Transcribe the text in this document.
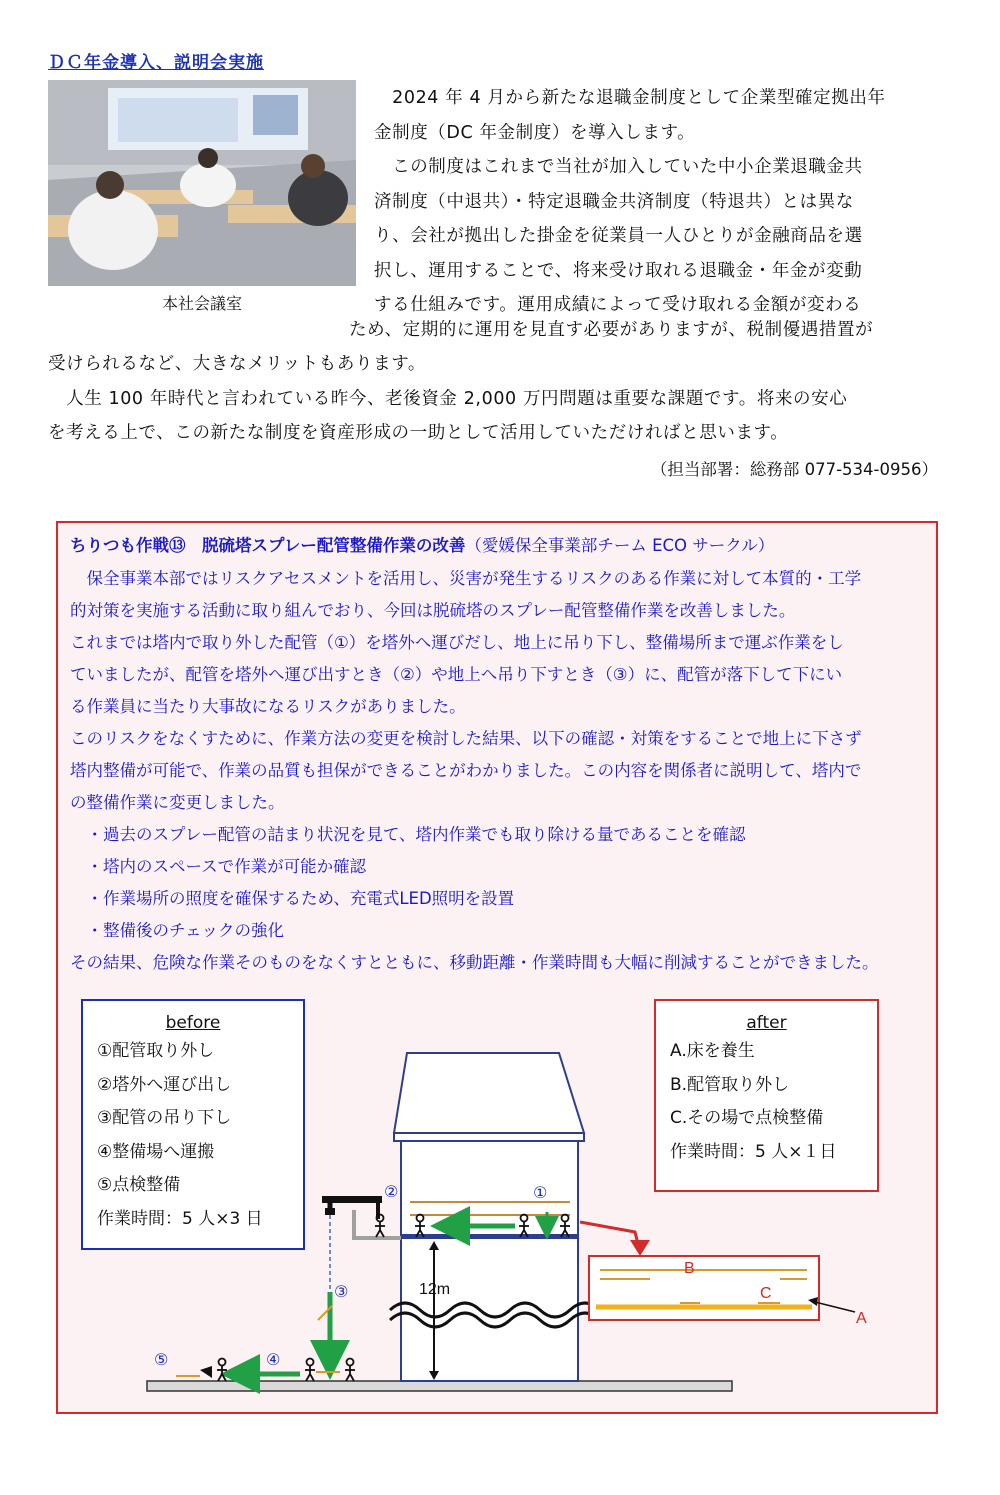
ＤＣ年金導入、説明会実施
本社会議室
　2024 年 4 月から新たな退職金制度として企業型確定拠出年
金制度（DC 年金制度）を導入します。
　この制度はこれまで当社が加入していた中小企業退職金共
済制度（中退共）・特定退職金共済制度（特退共）とは異な
り、会社が拠出した掛金を従業員一人ひとりが金融商品を選
択し、運用することで、将来受け取れる退職金・年金が変動
する仕組みです。運用成績によって受け取れる金額が変わる
ため、定期的に運用を見直す必要がありますが、税制優遇措置が
受けられるなど、大きなメリットもあります。
　人生 100 年時代と言われている昨今、老後資金 2,000 万円問題は重要な課題です。将来の安心
を考える上で、この新たな制度を資産形成の一助として活用していただければと思います。
（担当部署：総務部 077-534-0956）
ちりつも作戦⑬　脱硫塔スプレー配管整備作業の改善（愛媛保全事業部チーム ECO サークル）
　保全事業本部ではリスクアセスメントを活用し、災害が発生するリスクのある作業に対して本質的・工学
的対策を実施する活動に取り組んでおり、今回は脱硫塔のスプレー配管整備作業を改善しました。
これまでは塔内で取り外した配管（①）を塔外へ運びだし、地上に吊り下し、整備場所まで運ぶ作業をし
ていましたが、配管を塔外へ運び出すとき（②）や地上へ吊り下すとき（③）に、配管が落下して下にい
る作業員に当たり大事故になるリスクがありました。
このリスクをなくすために、作業方法の変更を検討した結果、以下の確認・対策をすることで地上に下さず
塔内整備が可能で、作業の品質も担保ができることがわかりました。この内容を関係者に説明して、塔内で
の整備作業に変更しました。
　・過去のスプレー配管の詰まり状況を見て、塔内作業でも取り除ける量であることを確認
　・塔内のスペースで作業が可能か確認
　・作業場所の照度を確保するため、充電式LED照明を設置
　・整備後のチェックの強化
その結果、危険な作業そのものをなくすとともに、移動距離・作業時間も大幅に削減することができました。
before
①配管取り外し
②塔外へ運び出し
③配管の吊り下し
④整備場へ運搬
⑤点検整備
作業時間：5 人×3 日
after
A.床を養生
B.配管取り外し
C.その場で点検整備
作業時間：5 人×１日
12m
②	①
③
④
⑤
B
C
A
